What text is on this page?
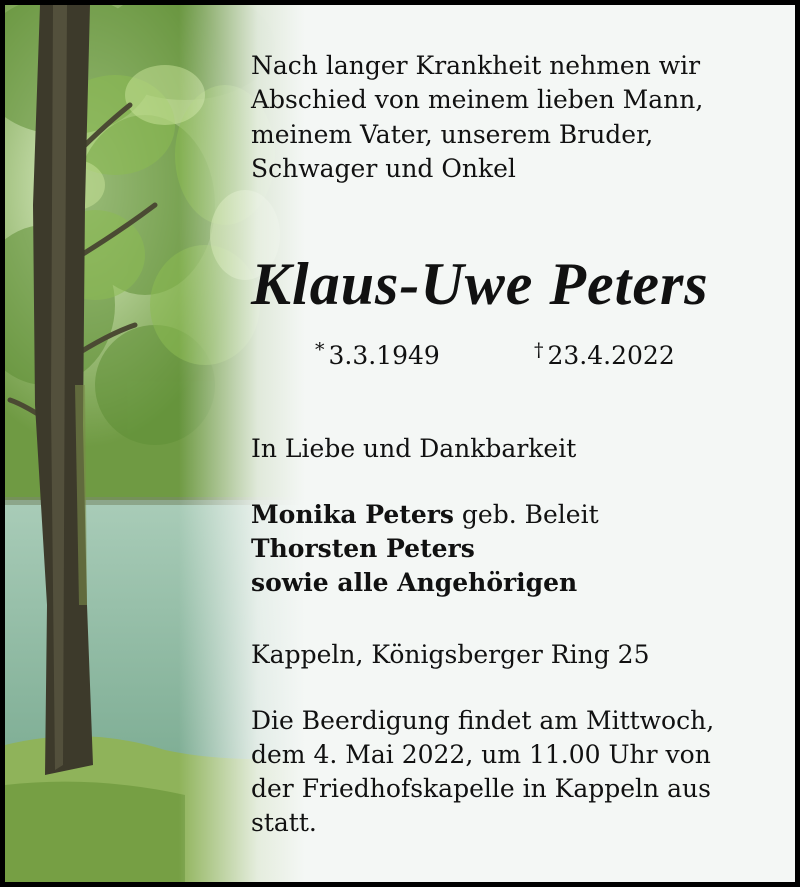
Nach langer Krankheit nehmen wir
Abschied von meinem lieben Mann,
meinem Vater, unserem Bruder,
Schwager und Onkel

Klaus-Uwe Peters
* 3.3.1949	† 23.4.2022
In Liebe und Dankbarkeit
Monika Peters geb. Beleit
Thorsten Peters
sowie alle Angehörigen
Kappeln, Königsberger Ring 25
Die Beerdigung findet am Mittwoch,
dem 4. Mai 2022, um 11.00 Uhr von
der Friedhofskapelle in Kappeln aus
statt.
